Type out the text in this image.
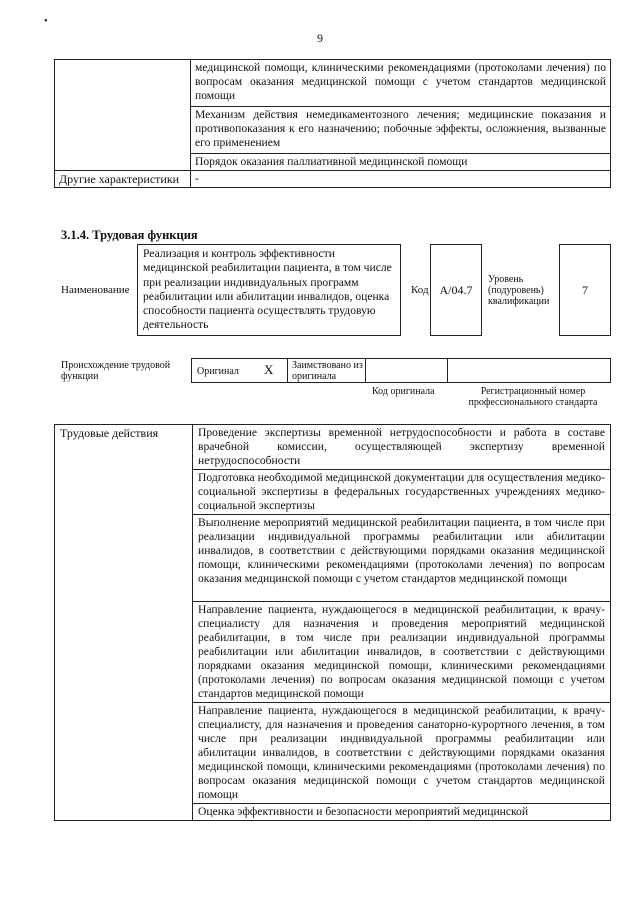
•
9
	медицинской помощи, клиническими рекомендациями (протоколами лечения) по вопросам оказания медицинской помощи с учетом стандартов медицинской помощи
	Механизм действия немедикаментозного лечения; медицинские показания и противопоказания к его назначению; побочные эффекты, осложнения, вызванные его применением
	Порядок оказания паллиативной медицинской помощи
Другие характеристики	-
3.1.4. Трудовая функция
Наименование
Реализация и контроль эффективности медицинской реабилитации пациента, в том числе при реализации индивидуальных программ реабилитации или абилитации инвалидов, оценка способности пациента осуществлять трудовую деятельность
Код A/04.7
Уровень (подуровень) квалификации
7
Происхождение трудовой функции	Оригинал X Заимствовано из оригинала
Код оригинала	Регистрационный номер профессионального стандарта
Трудовые действия	Проведение экспертизы временной нетрудоспособности и работа в составе врачебной комиссии, осуществляющей экспертизу временной нетрудоспособности
Подготовка необходимой медицинской документации для осуществления медико-социальной экспертизы в федеральных государственных учреждениях медико-социальной экспертизы
Выполнение мероприятий медицинской реабилитации пациента, в том числе при реализации индивидуальной программы реабилитации или абилитации инвалидов, в соответствии с действующими порядками оказания медицинской помощи, клиническими рекомендациями (протоколами лечения) по вопросам оказания медицинской помощи с учетом стандартов медицинской помощи
Направление пациента, нуждающегося в медицинской реабилитации, к врачу-специалисту для назначения и проведения мероприятий медицинской реабилитации, в том числе при реализации индивидуальной программы реабилитации или абилитации инвалидов, в соответствии с действующими порядками оказания медицинской помощи, клиническими рекомендациями (протоколами лечения) по вопросам оказания медицинской помощи с учетом стандартов медицинской помощи
Направление пациента, нуждающегося в медицинской реабилитации, к врачу-специалисту, для назначения и проведения санаторно-курортного лечения, в том числе при реализации индивидуальной программы реабилитации или абилитации инвалидов, в соответствии с действующими порядками оказания медицинской помощи, клиническими рекомендациями (протоколами лечения) по вопросам оказания медицинской помощи с учетом стандартов медицинской помощи
Оценка эффективности и безопасности мероприятий медицинской
